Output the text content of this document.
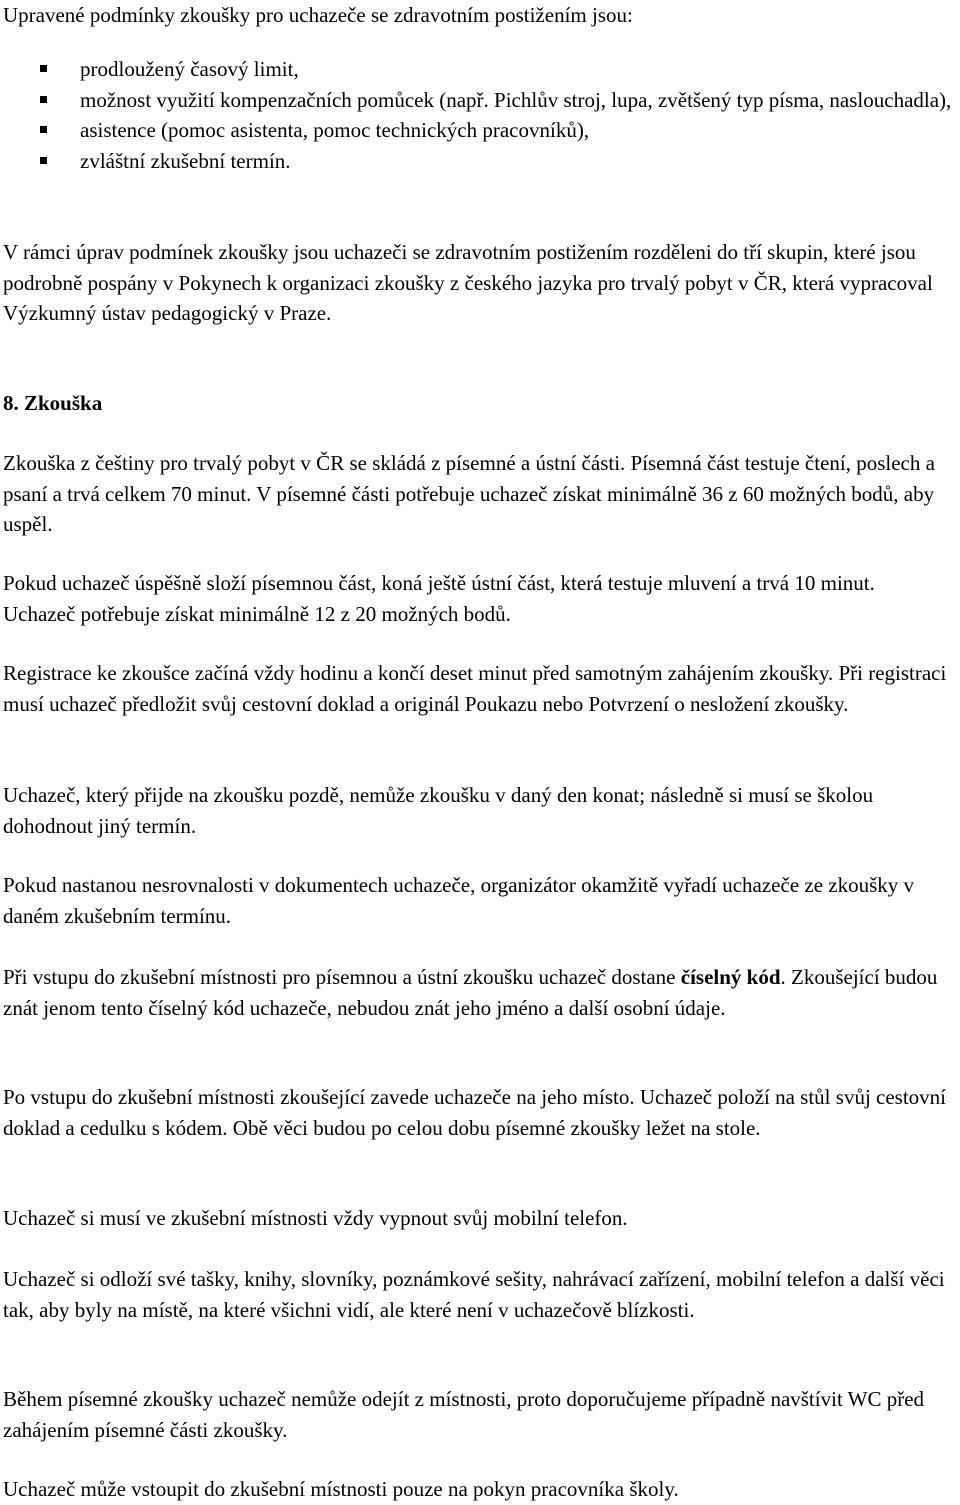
Upravené podmínky zkoušky pro uchazeče se zdravotním postižením jsou:

prodloužený časový limit,
možnost využití kompenzačních pomůcek (např. Pichlův stroj, lupa, zvětšený typ písma, naslouchadla),
asistence (pomoc asistenta, pomoc technických pracovníků),
zvláštní zkušební termín.

V rámci úprav podmínek zkoušky jsou uchazeči se zdravotním postižením rozděleni do tří skupin, které jsou podrobně pospány v Pokynech k organizaci zkoušky z českého jazyka pro trvalý pobyt v ČR, která vypracoval Výzkumný ústav pedagogický v Praze.

8. Zkouška

Zkouška z češtiny pro trvalý pobyt v ČR se skládá z písemné a ústní části. Písemná část testuje čtení, poslech a psaní a trvá celkem 70 minut. V písemné části potřebuje uchazeč získat minimálně 36 z 60 možných bodů, aby uspěl.

Pokud uchazeč úspěšně složí písemnou část, koná ještě ústní část, která testuje mluvení a trvá 10 minut. Uchazeč potřebuje získat minimálně 12 z 20 možných bodů.

Registrace ke zkoušce začíná vždy hodinu a končí deset minut před samotným zahájením zkoušky. Při registraci musí uchazeč předložit svůj cestovní doklad a originál Poukazu nebo Potvrzení o nesložení zkoušky.

Uchazeč, který přijde na zkoušku pozdě, nemůže zkoušku v daný den konat; následně si musí se školou dohodnout jiný termín.

Pokud nastanou nesrovnalosti v dokumentech uchazeče, organizátor okamžitě vyřadí uchazeče ze zkoušky v daném zkušebním termínu.

Při vstupu do zkušební místnosti pro písemnou a ústní zkoušku uchazeč dostane číselný kód. Zkoušející budou znát jenom tento číselný kód uchazeče, nebudou znát jeho jméno a další osobní údaje.

Po vstupu do zkušební místnosti zkoušející zavede uchazeče na jeho místo. Uchazeč položí na stůl svůj cestovní doklad a cedulku s kódem. Obě věci budou po celou dobu písemné zkoušky ležet na stole.

Uchazeč si musí ve zkušební místnosti vždy vypnout svůj mobilní telefon.

Uchazeč si odloží své tašky, knihy, slovníky, poznámkové sešity, nahrávací zařízení, mobilní telefon a další věci tak, aby byly na místě, na které všichni vidí, ale které není v uchazečově blízkosti.

Během písemné zkoušky uchazeč nemůže odejít z místnosti, proto doporučujeme případně navštívit WC před zahájením písemné části zkoušky.

Uchazeč může vstoupit do zkušební místnosti pouze na pokyn pracovníka školy.
